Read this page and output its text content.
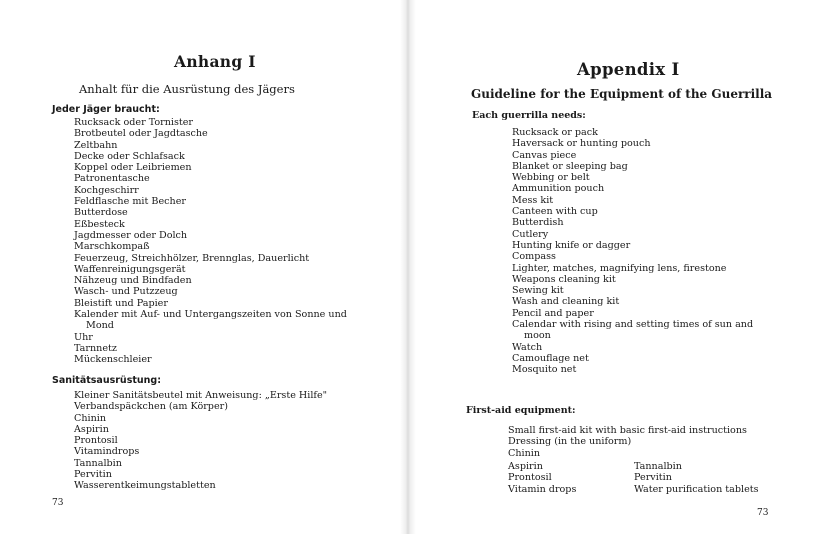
Anhang I
Anhalt für die Ausrüstung des Jägers
Jeder Jäger braucht:
Rucksack oder Tornister
Brotbeutel oder Jagdtasche
Zeltbahn
Decke oder Schlafsack
Koppel oder Leibriemen
Patronentasche
Kochgeschirr
Feldflasche mit Becher
Butterdose
Eßbesteck
Jagdmesser oder Dolch
Marschkompaß
Feuerzeug, Streichhölzer, Brennglas, Dauerlicht
Waffenreinigungsgerät
Nähzeug und Bindfaden
Wasch- und Putzzeug
Bleistift und Papier
Kalender mit Auf- und Untergangszeiten von Sonne und Mond
Uhr
Tarnnetz
Mückenschleier
Sanitätsausrüstung:
Kleiner Sanitätsbeutel mit Anweisung: „Erste Hilfe"
Verbandspäckchen (am Körper)
Chinin
Aspirin
Prontosil
Vitamindrops
Tannalbin
Pervitin
Wasserentkeimungstabletten
73
Appendix I
Guideline for the Equipment of the Guerrilla
Each guerrilla needs:
Rucksack or pack
Haversack or hunting pouch
Canvas piece
Blanket or sleeping bag
Webbing or belt
Ammunition pouch
Mess kit
Canteen with cup
Butterdish
Cutlery
Hunting knife or dagger
Compass
Lighter, matches, magnifying lens, firestone
Weapons cleaning kit
Sewing kit
Wash and cleaning kit
Pencil and paper
Calendar with rising and setting times of sun and moon
Watch
Camouflage net
Mosquito net
First-aid equipment:
Small first-aid kit with basic first-aid instructions
Dressing (in the uniform)
Chinin
Aspirin
Prontosil
Vitamin drops
Tannalbin
Pervitin
Water purification tablets
73
